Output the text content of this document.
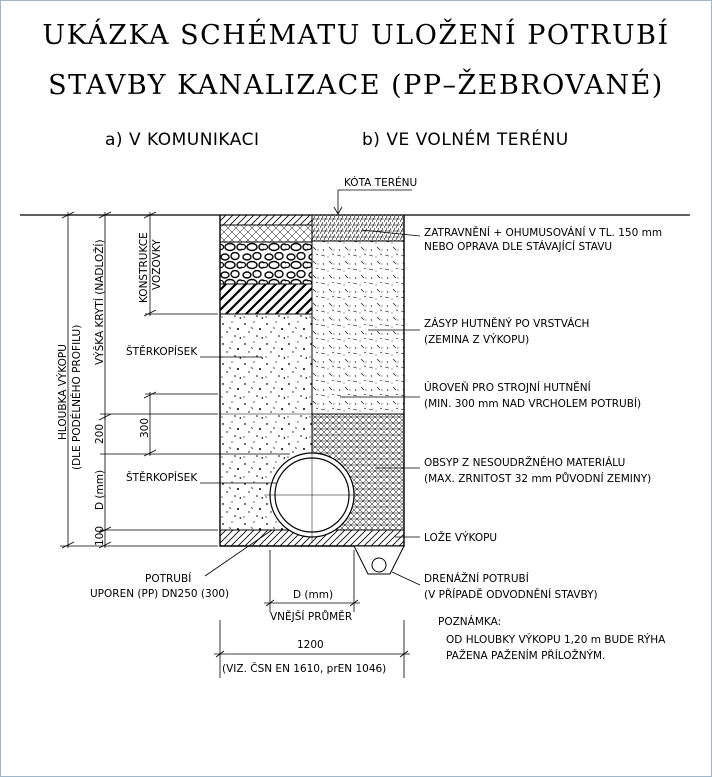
UKÁZKA SCHÉMATU ULOŽENÍ POTRUBÍ
STAVBY KANALIZACE (PP–ŽEBROVANÉ)
a) V KOMUNIKACI	b) VE VOLNÉM TERÉNU
KÓTA TERÉNU
ZATRAVNĚNÍ + OHUMUSOVÁNÍ V TL. 150 mm
NEBO OPRAVA DLE STÁVAJÍCÍ STAVU
ZÁSYP HUTNĚNÝ PO VRSTVÁCH
(ZEMINA Z VÝKOPU)
ÚROVEŇ PRO STROJNÍ HUTNĚNÍ
(MIN. 300 mm NAD VRCHOLEM POTRUBÍ)
OBSYP Z NESOUDRŽNÉHO MATERIÁLU
(MAX. ZRNITOST 32 mm PŮVODNÍ ZEMINY)
LOŽE VÝKOPU
DRENÁŽNÍ POTRUBÍ
(V PŘÍPADĚ ODVODNĚNÍ STAVBY)
POZNÁMKA:
OD HLOUBKY VÝKOPU 1,20 m BUDE RÝHA
PAŽENA PAŽENÍM PŘÍLOŽNÝM.
ŠTĚRKOPÍSEK
ŠTĚRKOPÍSEK
POTRUBÍ
UPOREN (PP) DN250 (300)	D (mm)
VNĚJŠÍ PRŮMĚR
1200
(VIZ. ČSN EN 1610, prEN 1046)
HLOUBKA VÝKOPU (DLE PODÉLNÉHO PROFILU)
VÝŠKA KRYTÍ (NADLOŽÍ)	KONSTRUKCE VOZOVKY
200	300
D (mm)
100
